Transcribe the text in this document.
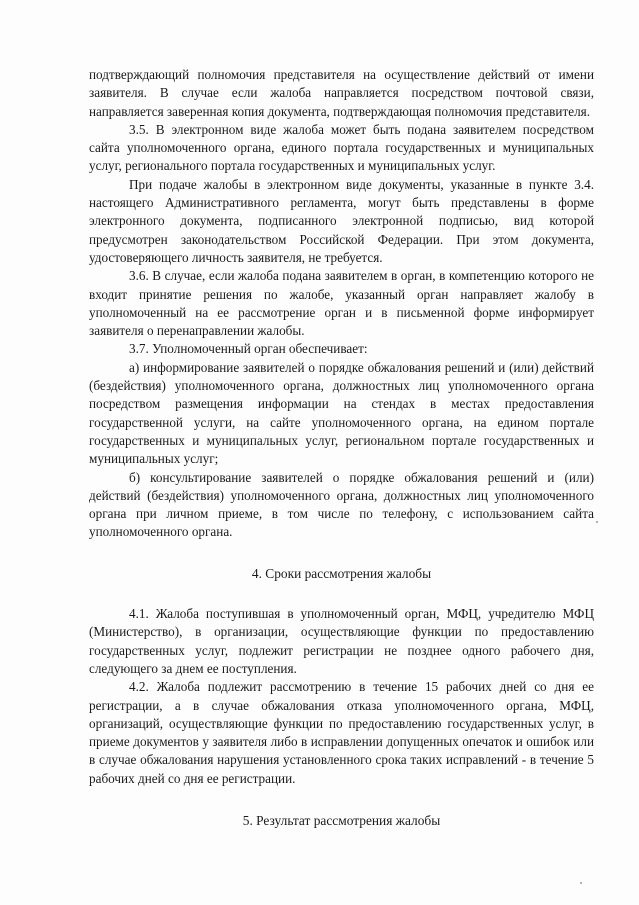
подтверждающий полномочия представителя на осуществление действий от имени заявителя. В случае если жалоба направляется посредством почтовой связи, направляется заверенная копия документа, подтверждающая полномочия представителя.

3.5. В электронном виде жалоба может быть подана заявителем посредством сайта уполномоченного органа, единого портала государственных и муниципальных услуг, регионального портала государственных и муниципальных услуг.

При подаче жалобы в электронном виде документы, указанные в пункте 3.4. настоящего Административного регламента, могут быть представлены в форме электронного документа, подписанного электронной подписью, вид которой предусмотрен законодательством Российской Федерации. При этом документа, удостоверяющего личность заявителя, не требуется.

3.6. В случае, если жалоба подана заявителем в орган, в компетенцию которого не входит принятие решения по жалобе, указанный орган направляет жалобу в уполномоченный на ее рассмотрение орган и в письменной форме информирует заявителя о перенаправлении жалобы.

3.7. Уполномоченный орган обеспечивает:

а) информирование заявителей о порядке обжалования решений и (или) действий (бездействия) уполномоченного органа, должностных лиц уполномоченного органа посредством размещения информации на стендах в местах предоставления государственной услуги, на сайте уполномоченного органа, на едином портале государственных и муниципальных услуг, региональном портале государственных и муниципальных услуг;

б) консультирование заявителей о порядке обжалования решений и (или) действий (бездействия) уполномоченного органа, должностных лиц уполномоченного органа при личном приеме, в том числе по телефону, с использованием сайта уполномоченного органа.

4. Сроки рассмотрения жалобы

4.1. Жалоба поступившая в уполномоченный орган, МФЦ, учредителю МФЦ (Министерство), в организации, осуществляющие функции по предоставлению государственных услуг, подлежит регистрации не позднее одного рабочего дня, следующего за днем ее поступления.

4.2. Жалоба подлежит рассмотрению в течение 15 рабочих дней со дня ее регистрации, а в случае обжалования отказа уполномоченного органа, МФЦ, организаций, осуществляющие функции по предоставлению государственных услуг, в приеме документов у заявителя либо в исправлении допущенных опечаток и ошибок или в случае обжалования нарушения установленного срока таких исправлений - в течение 5 рабочих дней со дня ее регистрации.

5. Результат рассмотрения жалобы
